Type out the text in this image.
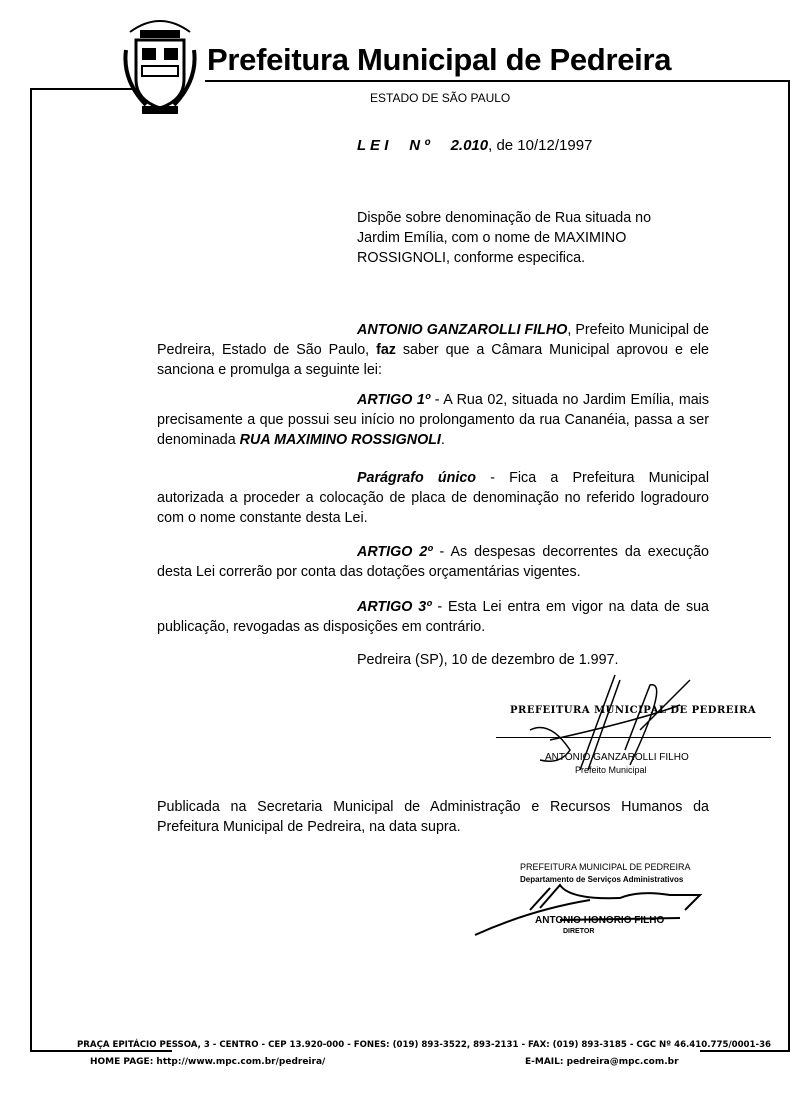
Prefeitura Municipal de Pedreira
ESTADO DE SÃO PAULO
L E I N º 2.010, de 10/12/1997
Dispõe sobre denominação de Rua situada no Jardim Emília, com o nome de MAXIMINO ROSSIGNOLI, conforme especifica.
ANTONIO GANZAROLLI FILHO, Prefeito Municipal de Pedreira, Estado de São Paulo, faz saber que a Câmara Municipal aprovou e ele sanciona e promulga a seguinte lei:
ARTIGO 1º - A Rua 02, situada no Jardim Emília, mais precisamente a que possui seu início no prolongamento da rua Cananéia, passa a ser denominada RUA MAXIMINO ROSSIGNOLI.
Parágrafo único - Fica a Prefeitura Municipal autorizada a proceder a colocação de placa de denominação no referido logradouro com o nome constante desta Lei.
ARTIGO 2º - As despesas decorrentes da execução desta Lei correrão por conta das dotações orçamentárias vigentes.
ARTIGO 3º - Esta Lei entra em vigor na data de sua publicação, revogadas as disposições em contrário.
Pedreira (SP), 10 de dezembro de 1.997.
PREFEITURA MUNICIPAL DE PEDREIRA
ANTONIO GANZAROLLI FILHO
Prefeito Municipal
Publicada na Secretaria Municipal de Administração e Recursos Humanos da Prefeitura Municipal de Pedreira, na data supra.
PREFEITURA MUNICIPAL DE PEDREIRA
Departamento de Serviços Administrativos
ANTONIO HONORIO FILHO
DIRETOR
PRAÇA EPITÁCIO PESSOA, 3 - CENTRO - CEP 13.920-000 - FONES: (019) 893-3522, 893-2131 - FAX: (019) 893-3185 - CGC Nº 46.410.775/0001-36
HOME PAGE: http://www.mpc.com.br/pedreira/	E-MAIL: pedreira@mpc.com.br
